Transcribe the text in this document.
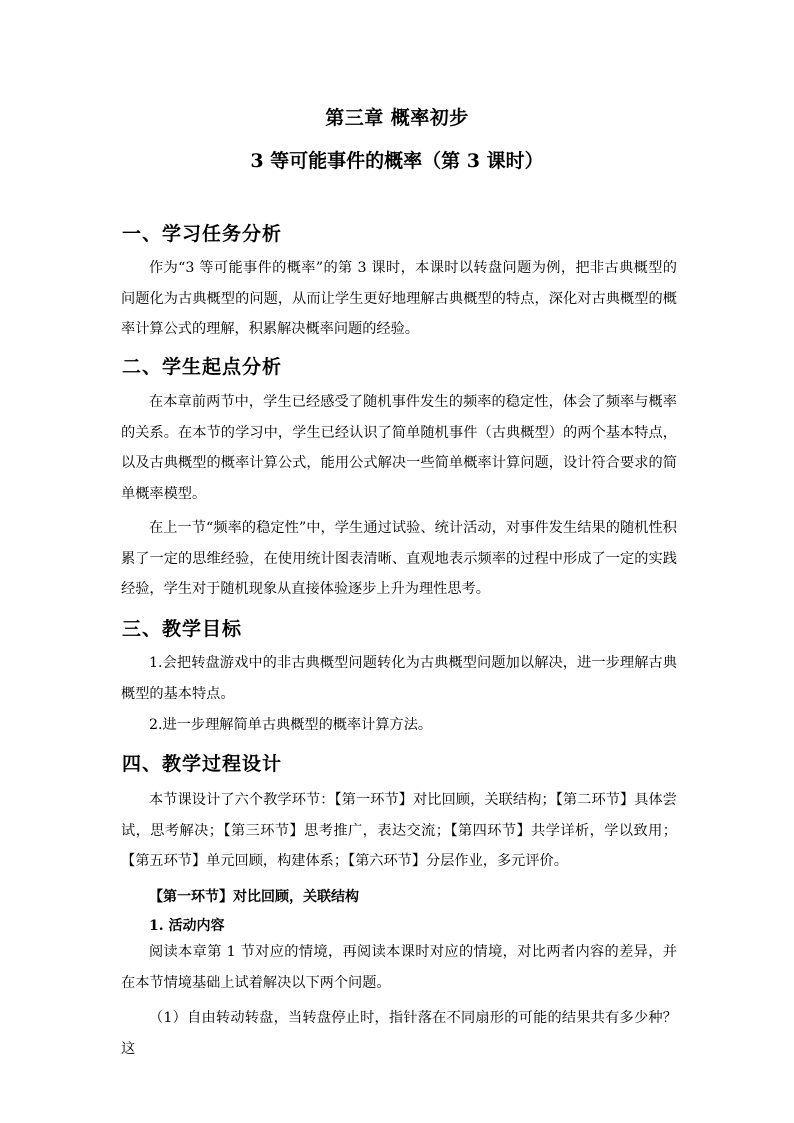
第三章 概率初步
3 等可能事件的概率（第 3 课时）
一、学习任务分析
作为“3 等可能事件的概率”的第 3 课时，本课时以转盘问题为例，把非古典概型的问题化为古典概型的问题，从而让学生更好地理解古典概型的特点，深化对古典概型的概率计算公式的理解，积累解决概率问题的经验。
二、学生起点分析
在本章前两节中，学生已经感受了随机事件发生的频率的稳定性，体会了频率与概率的关系。在本节的学习中，学生已经认识了简单随机事件（古典概型）的两个基本特点，以及古典概型的概率计算公式，能用公式解决一些简单概率计算问题，设计符合要求的简单概率模型。
在上一节“频率的稳定性”中，学生通过试验、统计活动，对事件发生结果的随机性积累了一定的思维经验，在使用统计图表清晰、直观地表示频率的过程中形成了一定的实践经验，学生对于随机现象从直接体验逐步上升为理性思考。
三、教学目标
1.会把转盘游戏中的非古典概型问题转化为古典概型问题加以解决，进一步理解古典概型的基本特点。
2.进一步理解简单古典概型的概率计算方法。
四、教学过程设计
本节课设计了六个教学环节：【第一环节】对比回顾，关联结构；【第二环节】具体尝试，思考解决；【第三环节】思考推广，表达交流；【第四环节】共学详析，学以致用；【第五环节】单元回顾，构建体系；【第六环节】分层作业，多元评价。
【第一环节】对比回顾，关联结构
1. 活动内容
阅读本章第 1 节对应的情境，再阅读本课时对应的情境，对比两者内容的差异，并在本节情境基础上试着解决以下两个问题。
（1）自由转动转盘，当转盘停止时，指针落在不同扇形的可能的结果共有多少种？这
